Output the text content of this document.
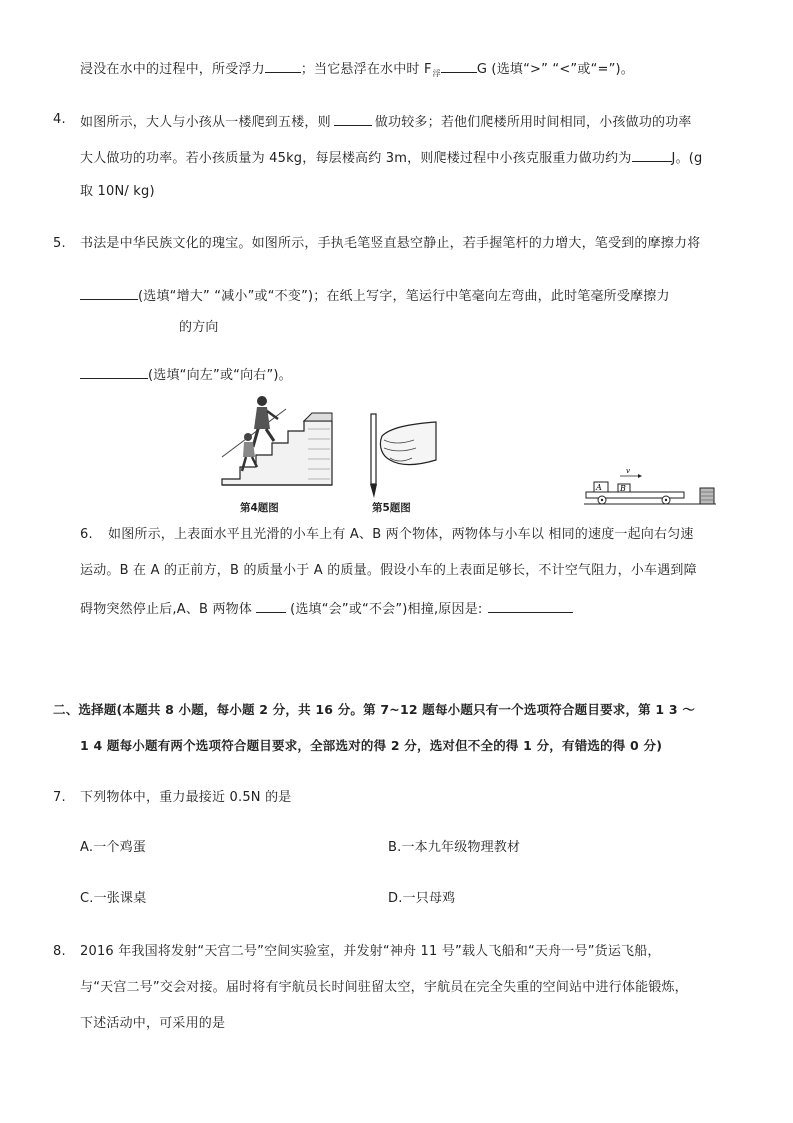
浸没在水中的过程中，所受浮力	；当它悬浮在水中时 $F_浮$	G (选填“>” “<”或“=”)。
4. 如图所示，大人与小孩从一楼爬到五楼，则	做功较多；若他们爬楼所用时间相同，小孩做功的功率
大人做功的功率。若小孩质量为 45kg，每层楼高约 3m，则爬楼过程中小孩克服重力做功约为	J。(g
取 10N/ kg)
5. 书法是中华民族文化的瑰宝。如图所示，手执毛笔竖直悬空静止，若手握笔杆的力增大，笔受到的摩擦力将
(选填“增大” “减小”或“不变”)；在纸上写字，笔运行中笔毫向左弯曲，此时笔毫所受摩擦力
的方向
(选填“向左”或“向右”)。
第4题图	第5题图
A B
v
6. 如图所示，上表面水平且光滑的小车上有 A、B 两个物体，两物体与小车以 相同的速度一起向右匀速
运动。B 在 A 的正前方，B 的质量小于 A 的质量。假设小车的上表面足够长，不计空气阻力，小车遇到障
碍物突然停止后,A、B 两物体	(选填“会”或“不会”)相撞,原因是:
二、选择题(本题共 8 小题，每小题 2 分，共 16 分。第 7~12 题每小题只有一个选项符合题目要求，第 1 3 ～
1 4 题每小题有两个选项符合题目要求，全部选对的得 2 分，选对但不全的得 1 分，有错选的得 0 分)
7. 下列物体中，重力最接近 0.5N 的是
A.一个鸡蛋	B.一本九年级物理教材
C.一张课桌	D.一只母鸡
8. 2016 年我国将发射“天宫二号”空间实验室，并发射“神舟 11 号”载人飞船和“天舟一号”货运飞船，
与“天宫二号”交会对接。届时将有宇航员长时间驻留太空，宇航员在完全失重的空间站中进行体能锻炼，
下述活动中，可采用的是
